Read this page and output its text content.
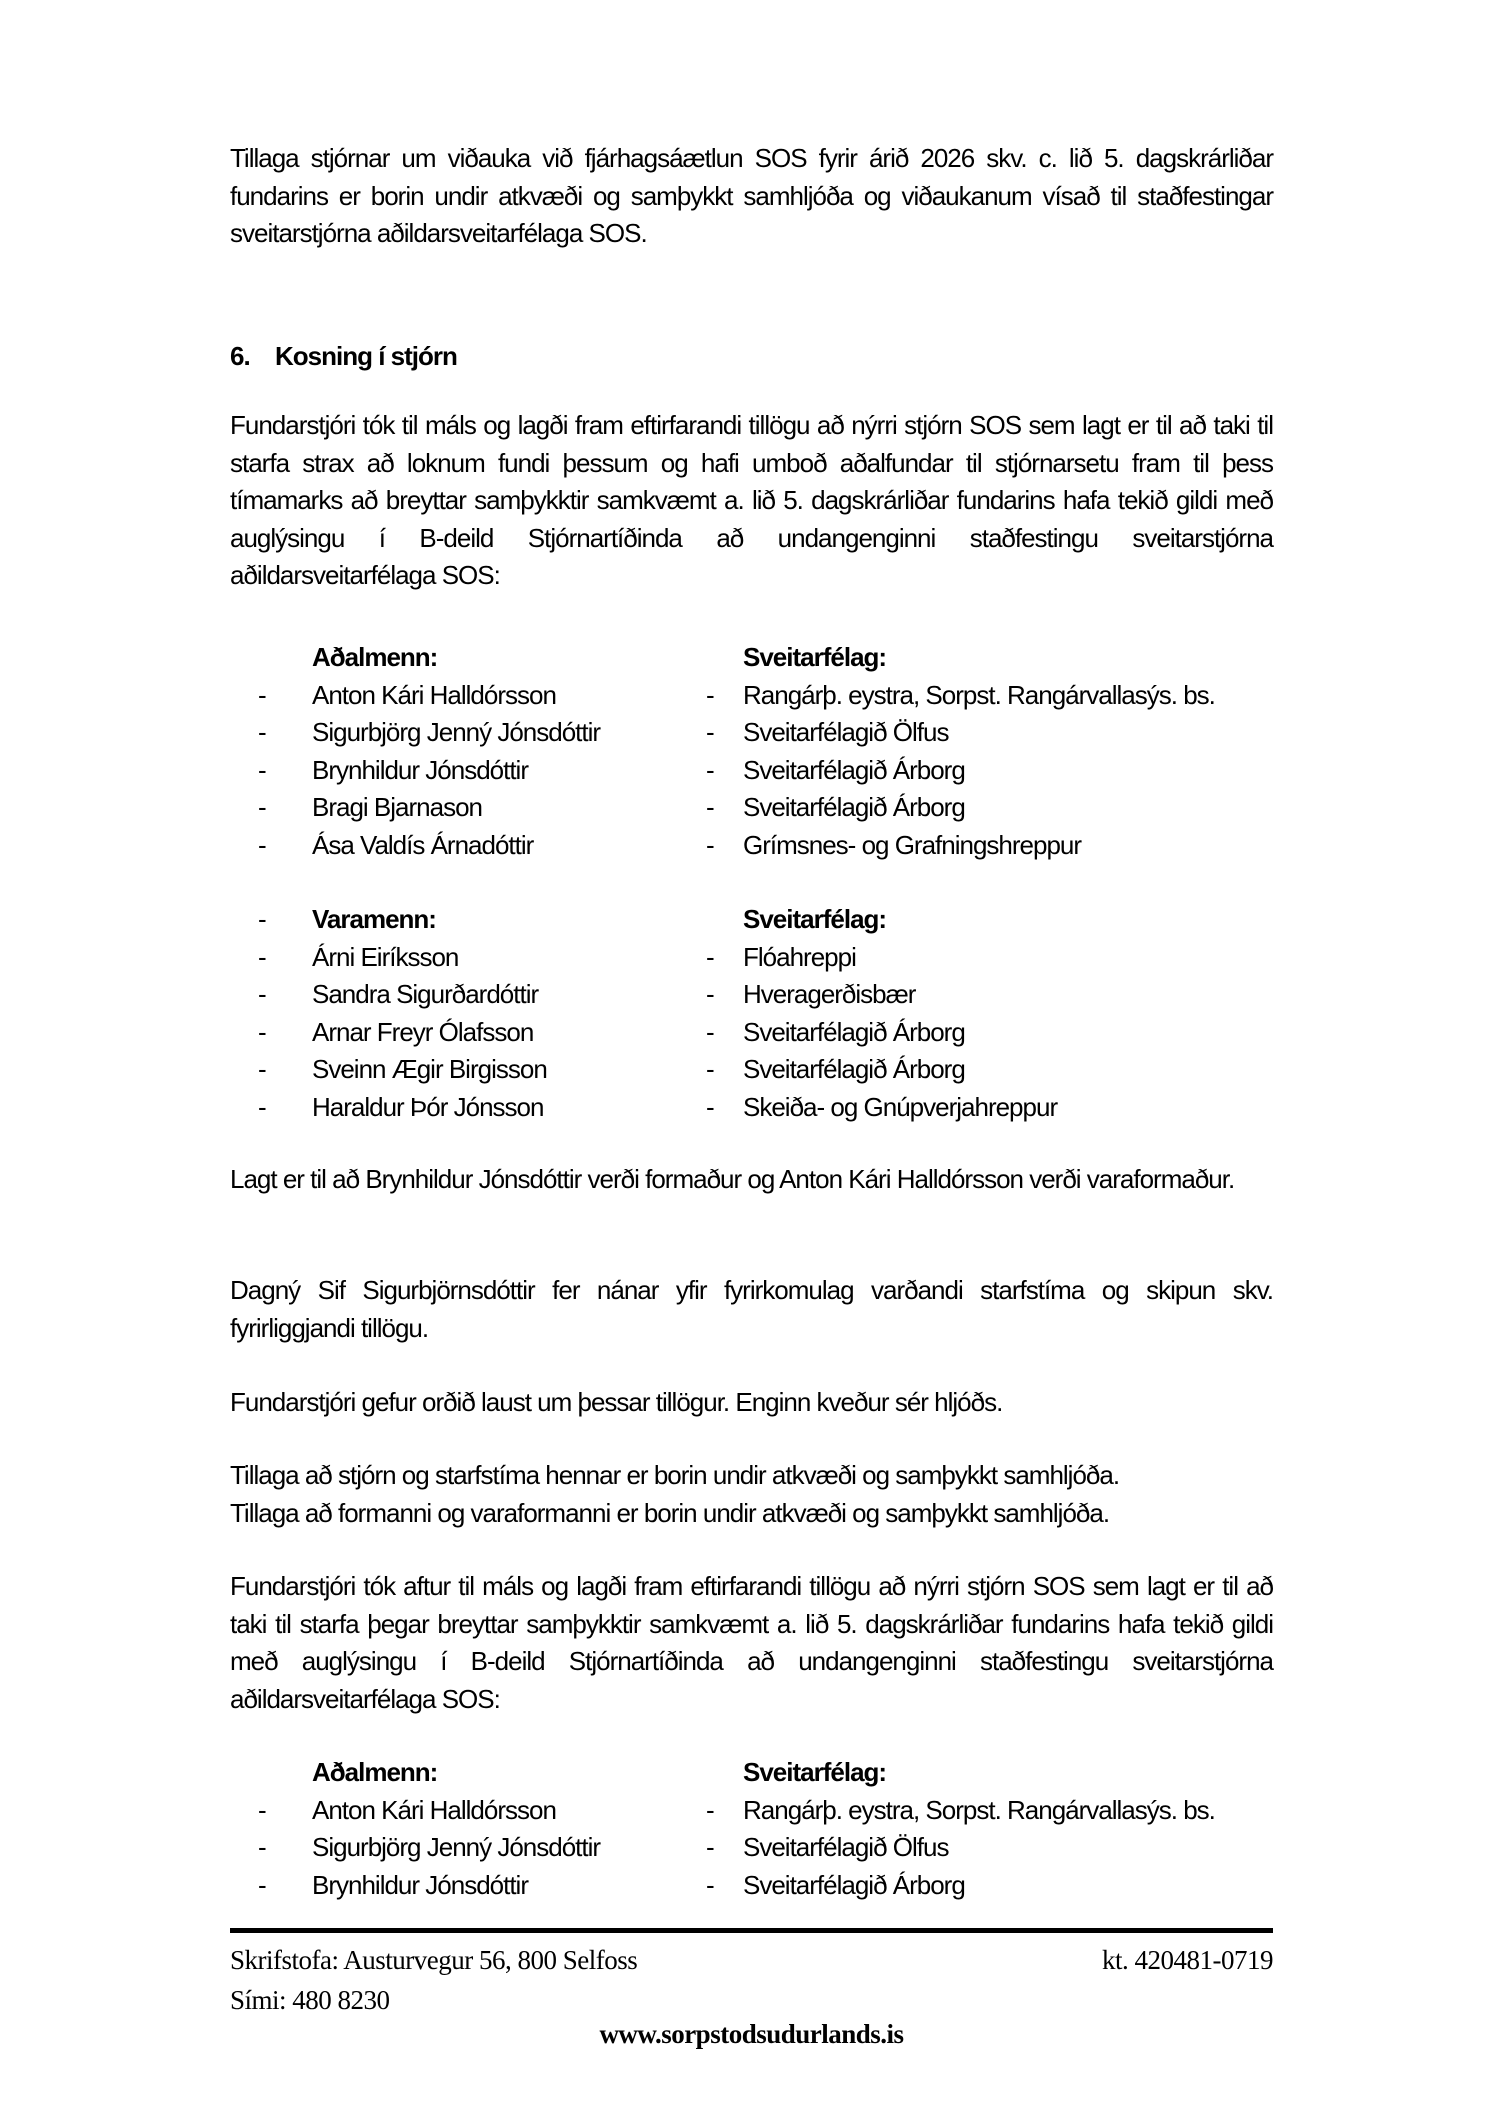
Tillaga stjórnar um viðauka við fjárhagsáætlun SOS fyrir árið 2026 skv. c. lið 5. dagskrárliðar fundarins er borin undir atkvæði og samþykkt samhljóða og viðaukanum vísað til staðfestingar sveitarstjórna aðildarsveitarfélaga SOS.

6. Kosning í stjórn

Fundarstjóri tók til máls og lagði fram eftirfarandi tillögu að nýrri stjórn SOS sem lagt er til að taki til starfa strax að loknum fundi þessum og hafi umboð aðalfundar til stjórnarsetu fram til þess tímamarks að breyttar samþykktir samkvæmt a. lið 5. dagskrárliðar fundarins hafa tekið gildi með auglýsingu í B-deild Stjórnartíðinda að undangenginni staðfestingu sveitarstjórna aðildarsveitarfélaga SOS:

Aðalmenn:	Sveitarfélag:
-	Anton Kári Halldórsson	-	Rangárþ. eystra, Sorpst. Rangárvallasýs. bs.
-	Sigurbjörg Jenný Jónsdóttir	-	Sveitarfélagið Ölfus
-	Brynhildur Jónsdóttir	-	Sveitarfélagið Árborg
-	Bragi Bjarnason	-	Sveitarfélagið Árborg
-	Ása Valdís Árnadóttir	-	Grímsnes- og Grafningshreppur
-	Varamenn:	Sveitarfélag:
-	Árni Eiríksson	-	Flóahreppi
-	Sandra Sigurðardóttir	-	Hveragerðisbær
-	Arnar Freyr Ólafsson	-	Sveitarfélagið Árborg
-	Sveinn Ægir Birgisson	-	Sveitarfélagið Árborg
-	Haraldur Þór Jónsson	-	Skeiða- og Gnúpverjahreppur

Lagt er til að Brynhildur Jónsdóttir verði formaður og Anton Kári Halldórsson verði varaformaður.

Dagný Sif Sigurbjörnsdóttir fer nánar yfir fyrirkomulag varðandi starfstíma og skipun skv. fyrirliggjandi tillögu.

Fundarstjóri gefur orðið laust um þessar tillögur. Enginn kveður sér hljóðs.

Tillaga að stjórn og starfstíma hennar er borin undir atkvæði og samþykkt samhljóða.
Tillaga að formanni og varaformanni er borin undir atkvæði og samþykkt samhljóða.

Fundarstjóri tók aftur til máls og lagði fram eftirfarandi tillögu að nýrri stjórn SOS sem lagt er til að taki til starfa þegar breyttar samþykktir samkvæmt a. lið 5. dagskrárliðar fundarins hafa tekið gildi með auglýsingu í B-deild Stjórnartíðinda að undangenginni staðfestingu sveitarstjórna aðildarsveitarfélaga SOS:

Aðalmenn:	Sveitarfélag:
-	Anton Kári Halldórsson	-	Rangárþ. eystra, Sorpst. Rangárvallasýs. bs.
-	Sigurbjörg Jenný Jónsdóttir	-	Sveitarfélagið Ölfus
-	Brynhildur Jónsdóttir	-	Sveitarfélagið Árborg
Skrifstofa: Austurvegur 56, 800 Selfoss	kt. 420481-0719
Sími: 480 8230
www.sorpstodsudurlands.is
